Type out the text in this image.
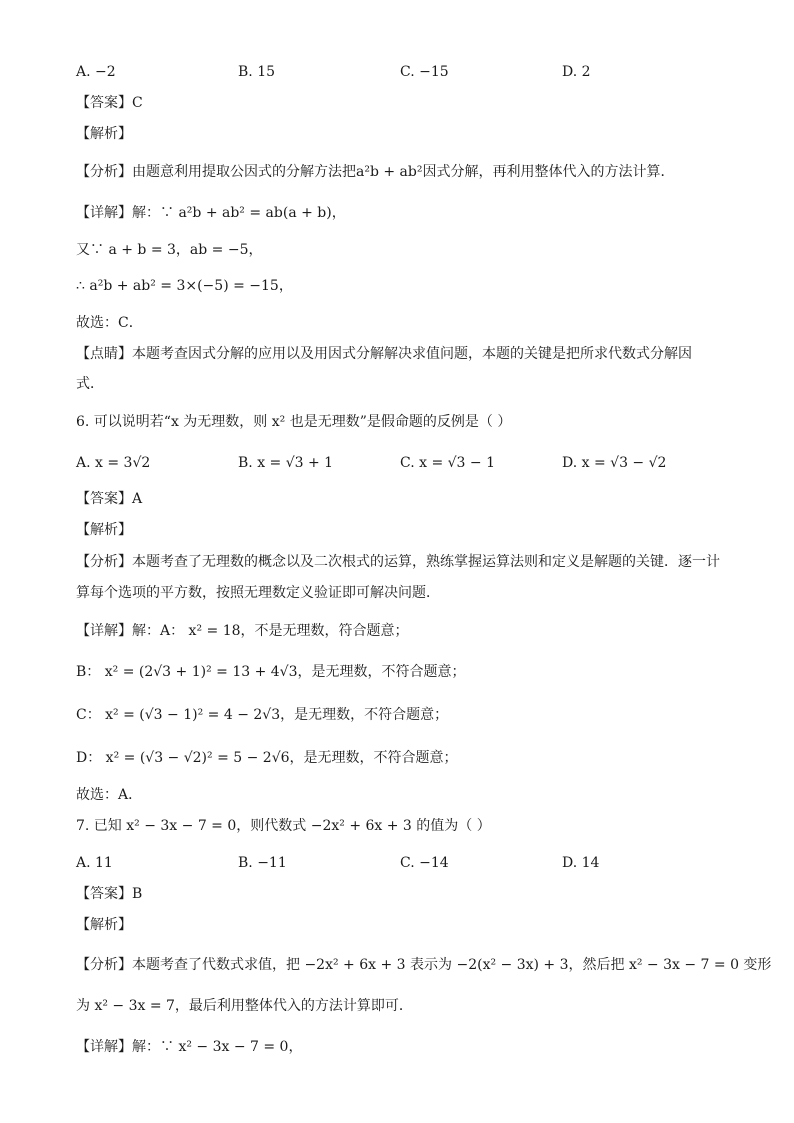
A. −2	B. 15	C. −15	D. 2
【答案】C
【解析】
【分析】由题意利用提取公因式的分解方法把a²b + ab²因式分解，再利用整体代入的方法计算．
【详解】解：∵ a²b + ab² = ab(a + b)，
又∵ a + b = 3，ab = −5，
∴ a²b + ab² = 3×(−5) = −15，
故选：C．
【点睛】本题考查因式分解的应用以及用因式分解解决求值问题，本题的关键是把所求代数式分解因
式．
6. 可以说明若“x 为无理数，则 x² 也是无理数”是假命题的反例是（ ）
A. x = 3√2	B. x = √3 + 1	C. x = √3 − 1	D. x = √3 − √2
【答案】A
【解析】
【分析】本题考查了无理数的概念以及二次根式的运算，熟练掌握运算法则和定义是解题的关键．逐一计
算每个选项的平方数，按照无理数定义验证即可解决问题．
【详解】解：A： x² = 18，不是无理数，符合题意；
B： x² = (2√3 + 1)² = 13 + 4√3，是无理数，不符合题意；
C： x² = (√3 − 1)² = 4 − 2√3，是无理数，不符合题意；
D： x² = (√3 − √2)² = 5 − 2√6，是无理数，不符合题意；
故选：A．
7. 已知 x² − 3x − 7 = 0，则代数式 −2x² + 6x + 3 的值为（ ）
A. 11	B. −11	C. −14	D. 14
【答案】B
【解析】
【分析】本题考查了代数式求值，把 −2x² + 6x + 3 表示为 −2(x² − 3x) + 3，然后把 x² − 3x − 7 = 0 变形
为 x² − 3x = 7，最后利用整体代入的方法计算即可．
【详解】解：∵ x² − 3x − 7 = 0，
